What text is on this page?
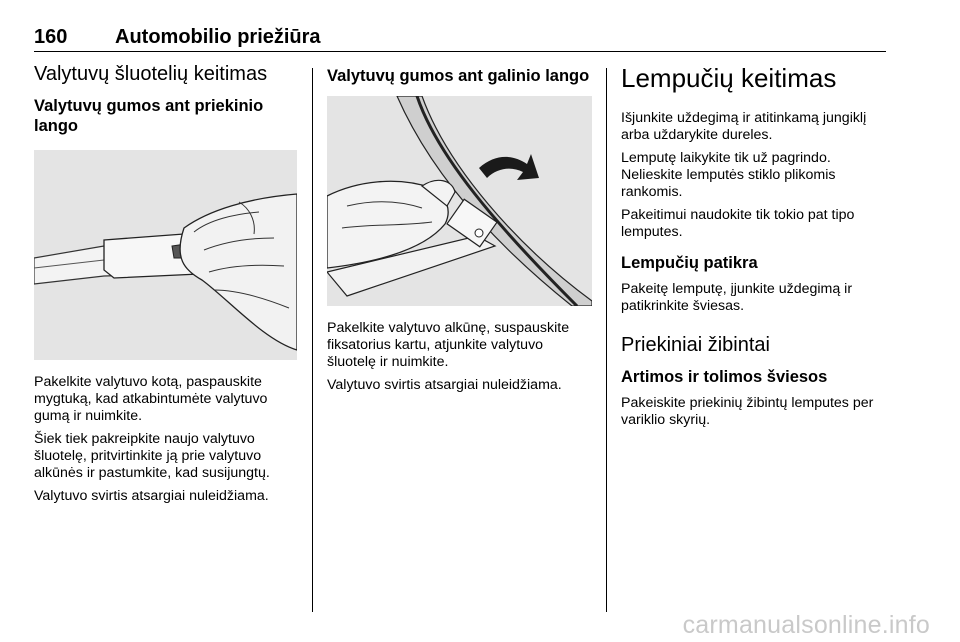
160 Automobilio priežiūra
Valytuvų šluotelių keitimas
Valytuvų gumos ant priekinio lango

Pakelkite valytuvo kotą, paspauskite mygtuką, kad atkabintumėte valytuvo gumą ir nuimkite.

Šiek tiek pakreipkite naujo valytuvo šluotelę, pritvirtinkite ją prie valytuvo alkūnės ir pastumkite, kad susijungtų.

Valytuvo svirtis atsargiai nuleidžiama.

Valytuvų gumos ant galinio lango

Pakelkite valytuvo alkūnę, suspauskite fiksatorius kartu, atjunkite valytuvo šluotelę ir nuimkite.

Valytuvo svirtis atsargiai nuleidžiama.

Lempučių keitimas

Išjunkite uždegimą ir atitinkamą jungiklį arba uždarykite dureles.

Lemputę laikykite tik už pagrindo. Nelieskite lemputės stiklo plikomis rankomis.

Pakeitimui naudokite tik tokio pat tipo lemputes.

Lempučių patikra

Pakeitę lemputę, įjunkite uždegimą ir patikrinkite šviesas.

Priekiniai žibintai
Artimos ir tolimos šviesos

Pakeiskite priekinių žibintų lemputes per variklio skyrių.

carmanualsonline.info
